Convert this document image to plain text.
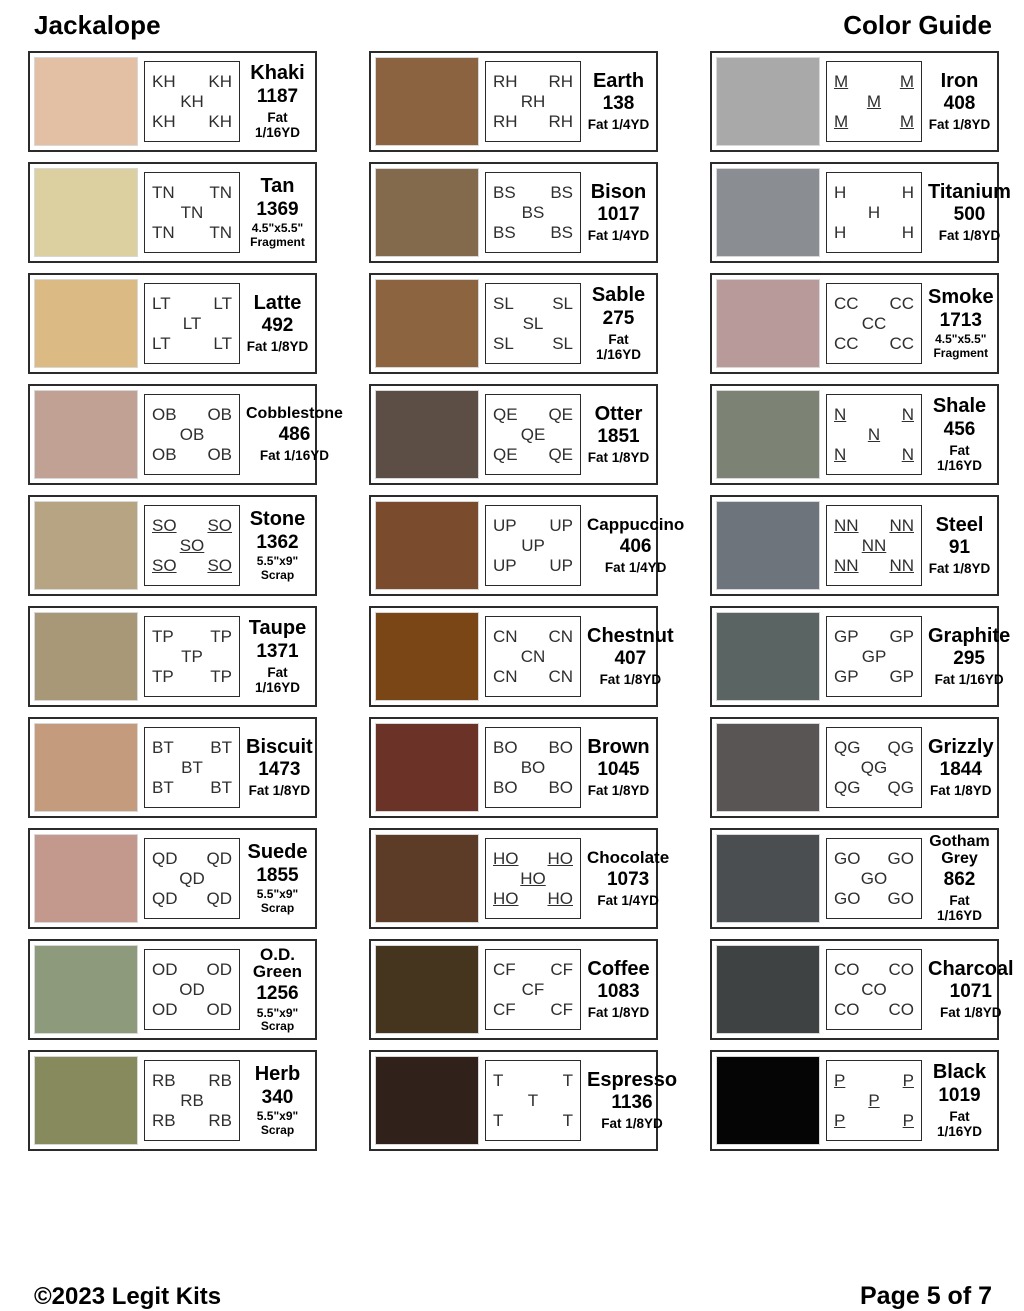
Jackalope	Color Guide
KH KH
KH
KH KH
Khaki
1187
Fat 1/16YD
TN TN
TN
TN TN
Tan
1369
4.5"x5.5" Fragment
LT	LT
LT
LT	LT
Latte
492
Fat 1/8YD
OB OB
OB
OB OB
Cobblestone
486
Fat 1/16YD
SO SO
SO
SO SO
Stone
1362
5.5"x9" Scrap
TP TP
TP
TP TP
Taupe
1371
Fat 1/16YD
BT BT
BT
BT BT
Biscuit
1473
Fat 1/8YD
QD QD
QD
QD QD
Suede
1855
5.5"x9" Scrap
OD OD
OD
OD OD
O.D. Green
1256
5.5"x9" Scrap
RB RB
RB
RB RB
Herb
340
5.5"x9" Scrap
RH RH
RH
RH RH
Earth
138
Fat 1/4YD
BS BS
BS
BS BS
Bison
1017
Fat 1/4YD
SL SL
SL
SL SL
Sable
275
Fat 1/16YD
QE QE
QE
QE QE
Otter
1851
Fat 1/8YD
UP UP
UP
UP UP
Cappuccino
406
Fat 1/4YD
CN CN
CN
CN CN
Chestnut
407
Fat 1/8YD
BO BO
BO
BO BO
Brown
1045
Fat 1/8YD
HO HO
HO
HO HO
Chocolate
1073
Fat 1/4YD
CF CF
CF
CF CF
Coffee
1083
Fat 1/8YD
T	T
T
T	T
Espresso
1136
Fat 1/8YD
M	M
M
M	M
Iron
408
Fat 1/8YD
H	H
H
H	H
Titanium
500
Fat 1/8YD
CC CC
CC
CC CC
Smoke
1713
4.5"x5.5" Fragment
N	N
N
N	N
Shale
456
Fat 1/16YD
NN NN
NN
NN NN
Steel
91
Fat 1/8YD
GP GP
GP
GP GP
Graphite
295
Fat 1/16YD
QG QG
QG
QG QG
Grizzly
1844
Fat 1/8YD
GO GO
GO
GO GO
Gotham Grey
862
Fat 1/16YD
CO CO
CO
CO CO
Charcoal
1071
Fat 1/8YD
P	P
P
P	P
Black
1019
Fat 1/16YD
©2023 Legit Kits	Page 5 of 7
